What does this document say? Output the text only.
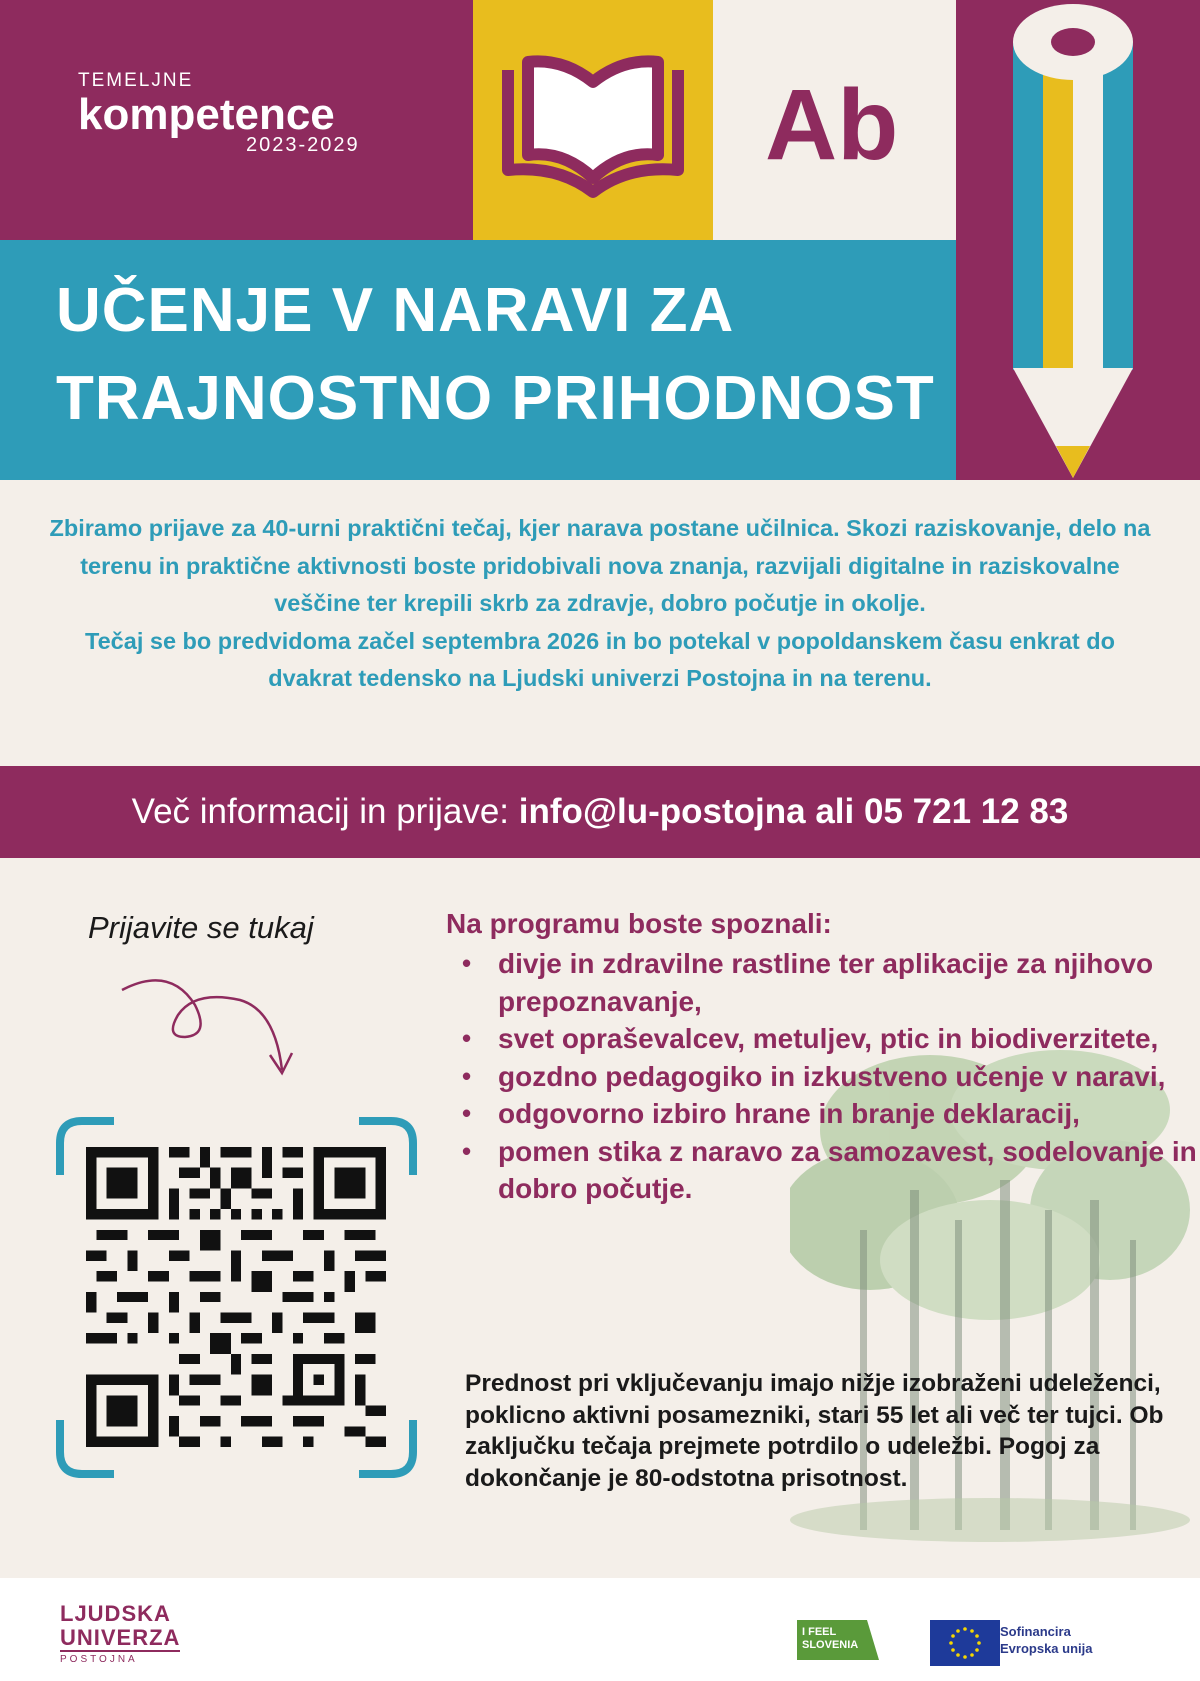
TEMELJNE
kompetence
2023-2029	Ab
UČENJE V NARAVI ZA
TRAJNOSTNO PRIHODNOST
Zbiramo prijave za 40-urni praktični tečaj, kjer narava postane učilnica. Skozi raziskovanje, delo na terenu in praktične aktivnosti boste pridobivali nova znanja, razvijali digitalne in raziskovalne veščine ter krepili skrb za zdravje, dobro počutje in okolje.
Tečaj se bo predvidoma začel septembra 2026 in bo potekal v popoldanskem času enkrat do dvakrat tedensko na Ljudski univerzi Postojna in na terenu.
Več informacij in prijave: info@lu-postojna ali 05 721 12 83
Prijavite se tukaj	Na programu boste spoznali:
• divje in zdravilne rastline ter aplikacije za njihovo prepoznavanje,
• svet opraševalcev, metuljev, ptic in biodiverzitete,
• gozdno pedagogiko in izkustveno učenje v naravi,
• odgovorno izbiro hrane in branje deklaracij,
• pomen stika z naravo za samozavest, sodelovanje in dobro počutje.
Prednost pri vključevanju imajo nižje izobraženi udeleženci, poklicno aktivni posamezniki, stari 55 let ali več ter tujci. Ob zaključku tečaja prejmete potrdilo o udeležbi. Pogoj za dokončanje je 80-odstotna prisotnost.
LJUDSKA
UNIVERZA
POSTOJNA
I FEEL
SLOVENIA
Sofinancira
Evropska unija
